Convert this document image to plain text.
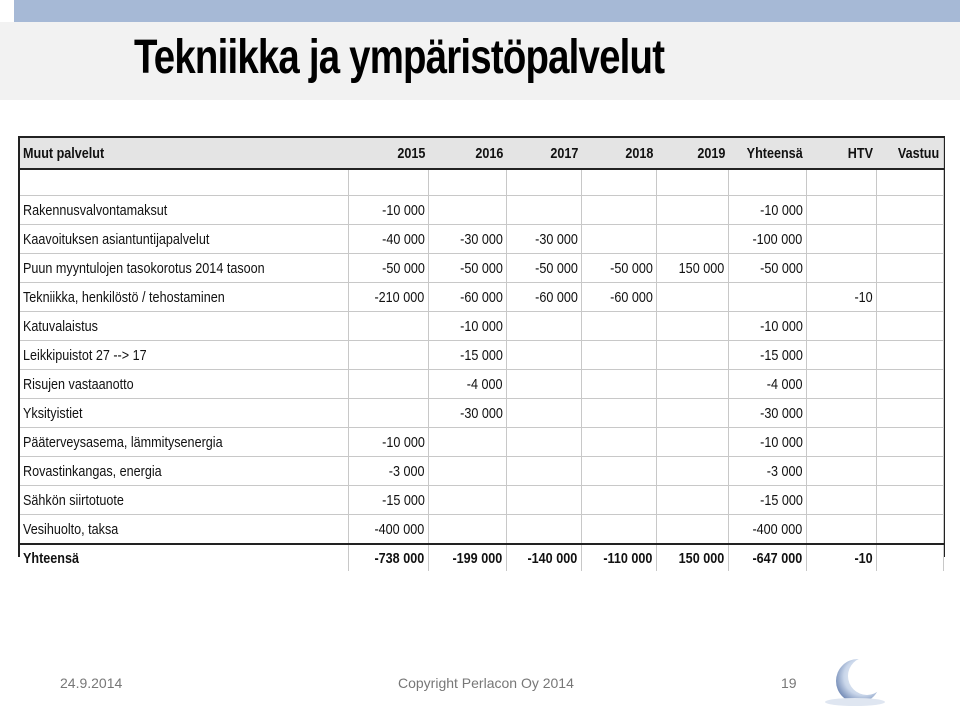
Tekniikka ja ympäristöpalvelut
Muut palvelut	2015	2016	2017	2018	2019	Yhteensä	HTV	Vastuu

Rakennusvalvontamaksut	-10 000					-10 000		
Kaavoituksen asiantuntijapalvelut	-40 000	-30 000	-30 000			-100 000		
Puun myyntulojen tasokorotus 2014 tasoon	-50 000	-50 000	-50 000	-50 000	150 000	-50 000		
Tekniikka, henkilöstö / tehostaminen	-210 000	-60 000	-60 000	-60 000			-10	
Katuvalaistus		-10 000				-10 000		
Leikkipuistot 27 --> 17		-15 000				-15 000		
Risujen vastaanotto		-4 000				-4 000		
Yksityistiet		-30 000				-30 000		
Pääterveysasema, lämmitysenergia	-10 000					-10 000		
Rovastinkangas, energia	-3 000					-3 000		
Sähkön siirtotuote	-15 000					-15 000		
Vesihuolto, taksa	-400 000					-400 000		
Yhteensä	-738 000	-199 000	-140 000	-110 000	150 000	-647 000	-10	
24.9.2014	Copyright Perlacon Oy 2014	19
